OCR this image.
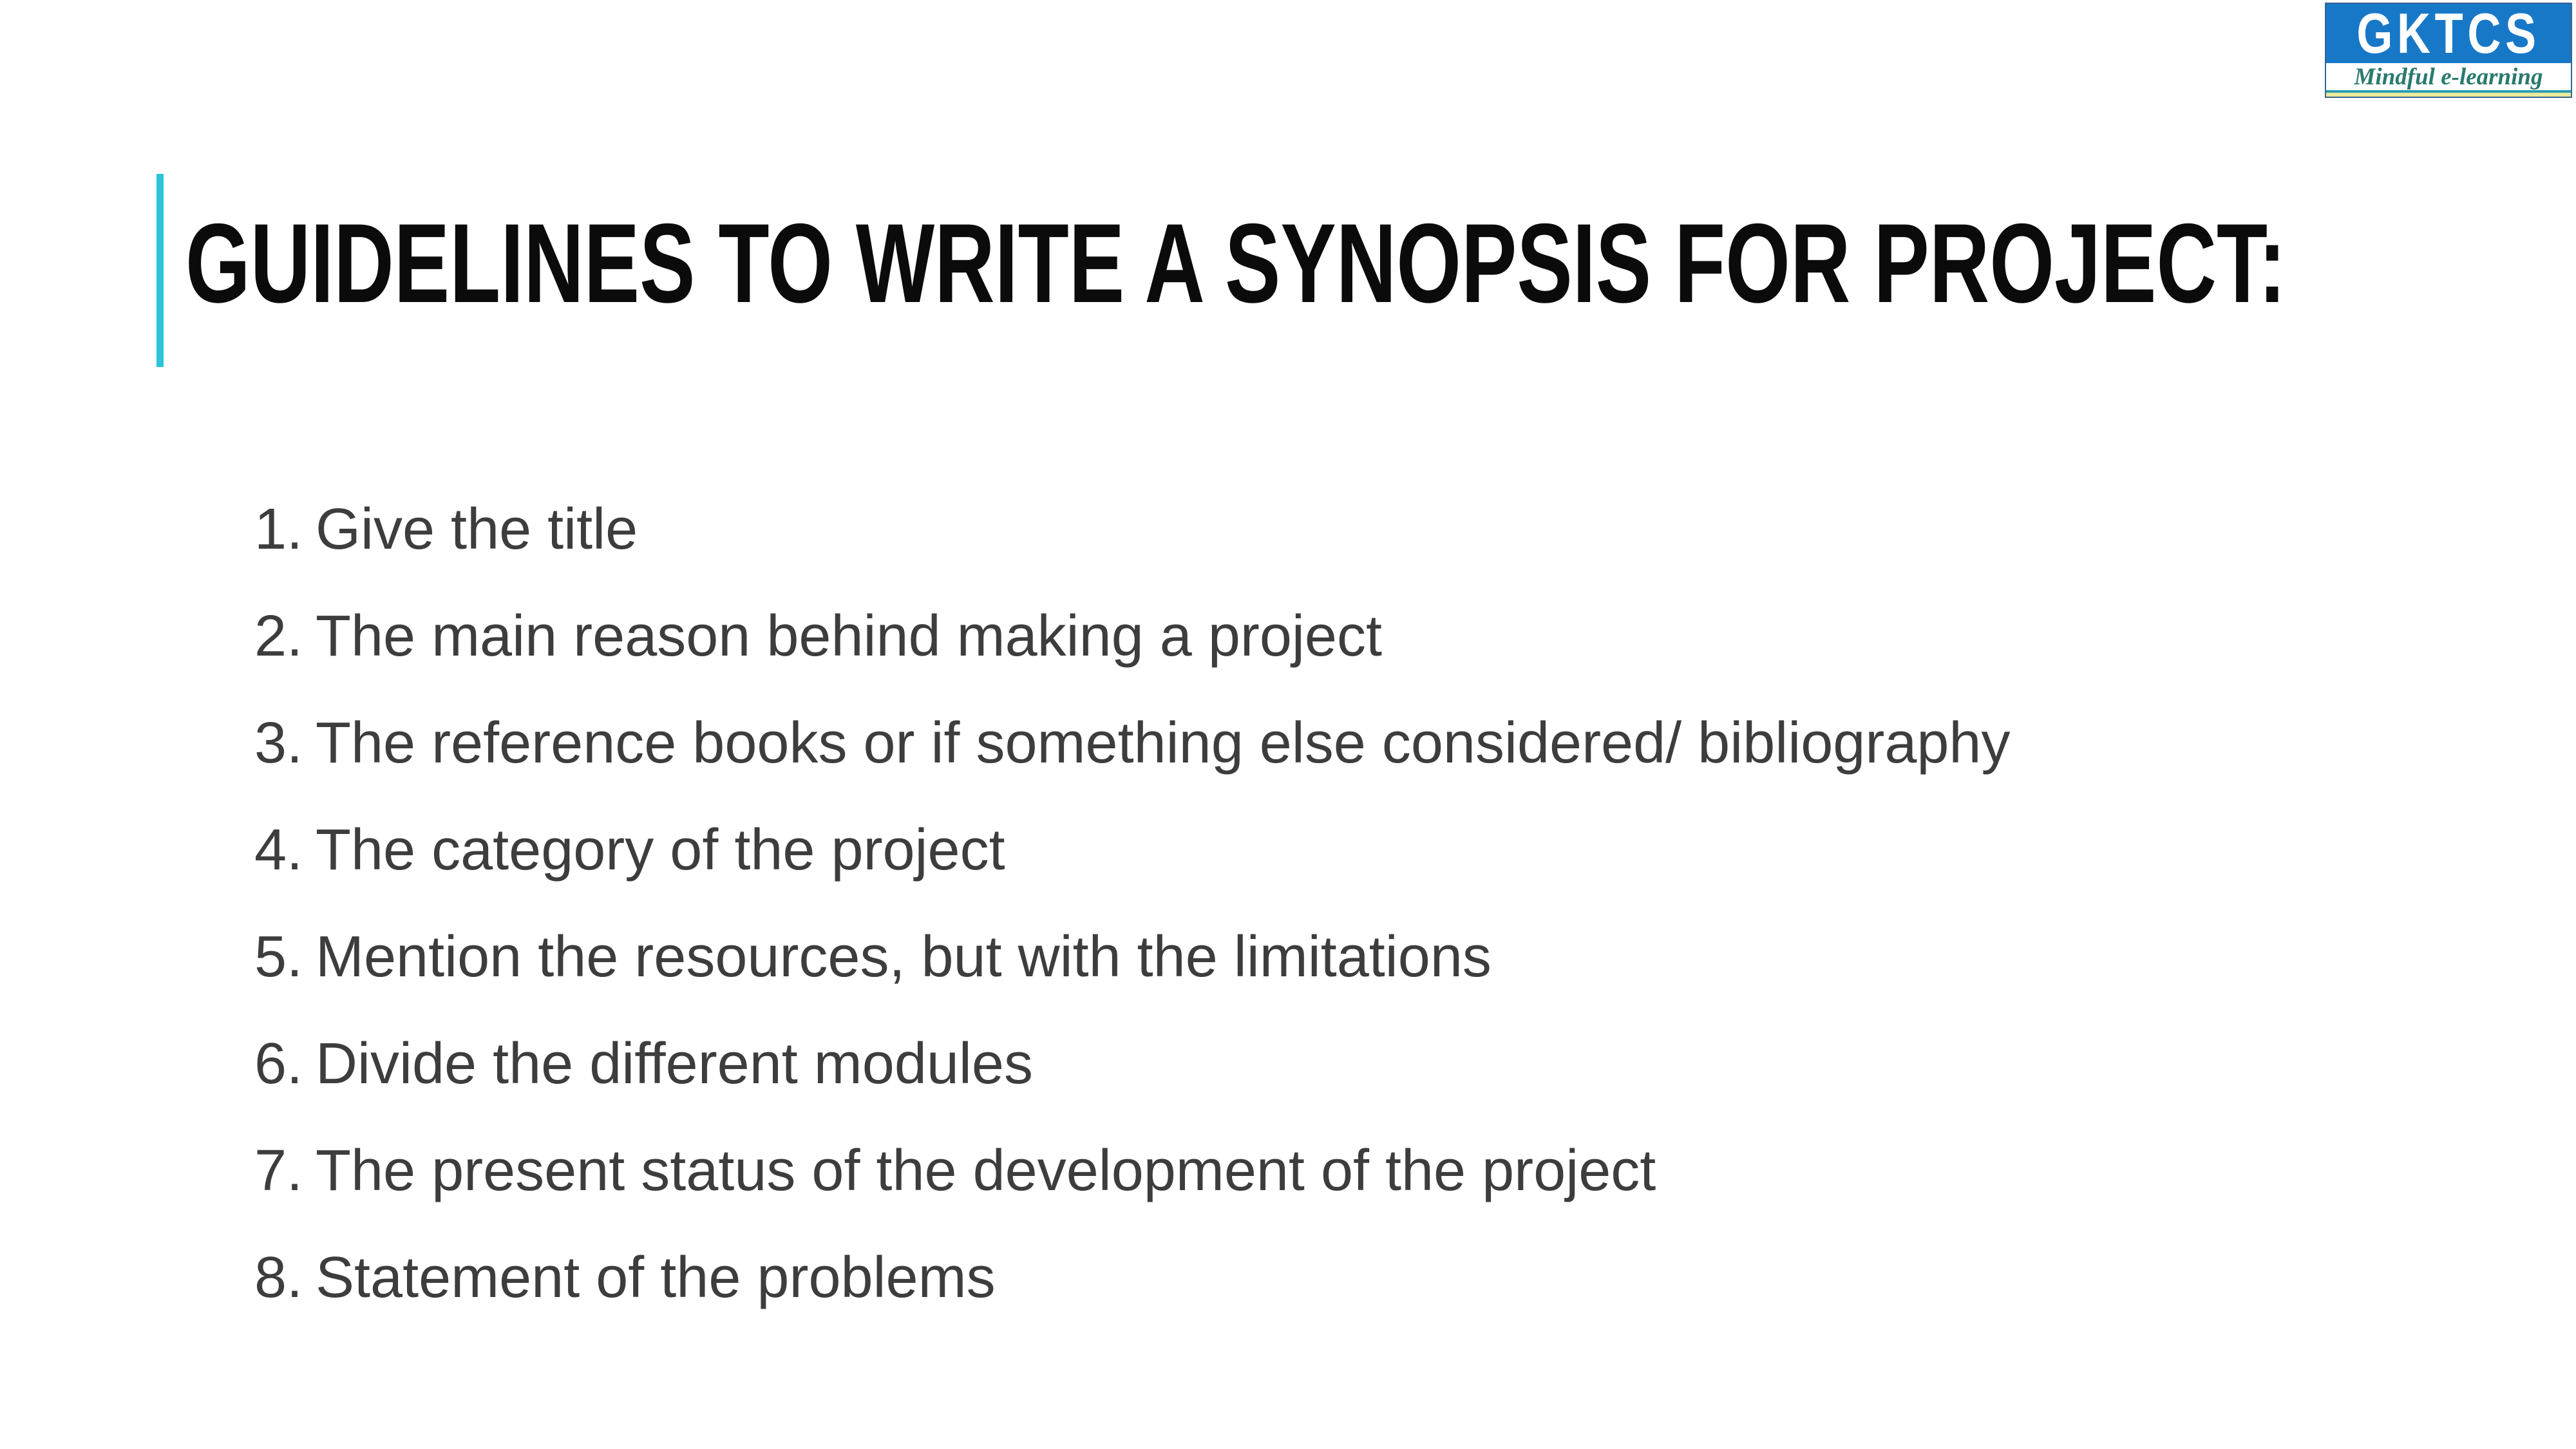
GUIDELINES TO WRITE A SYNOPSIS FOR PROJECT:
1. Give the title
2. The main reason behind making a project
3. The reference books or if something else considered/ bibliography
4. The category of the project
5. Mention the resources, but with the limitations
6. Divide the different modules
7. The present status of the development of the project
8. Statement of the problems
GKTCS
Mindful e-learning
